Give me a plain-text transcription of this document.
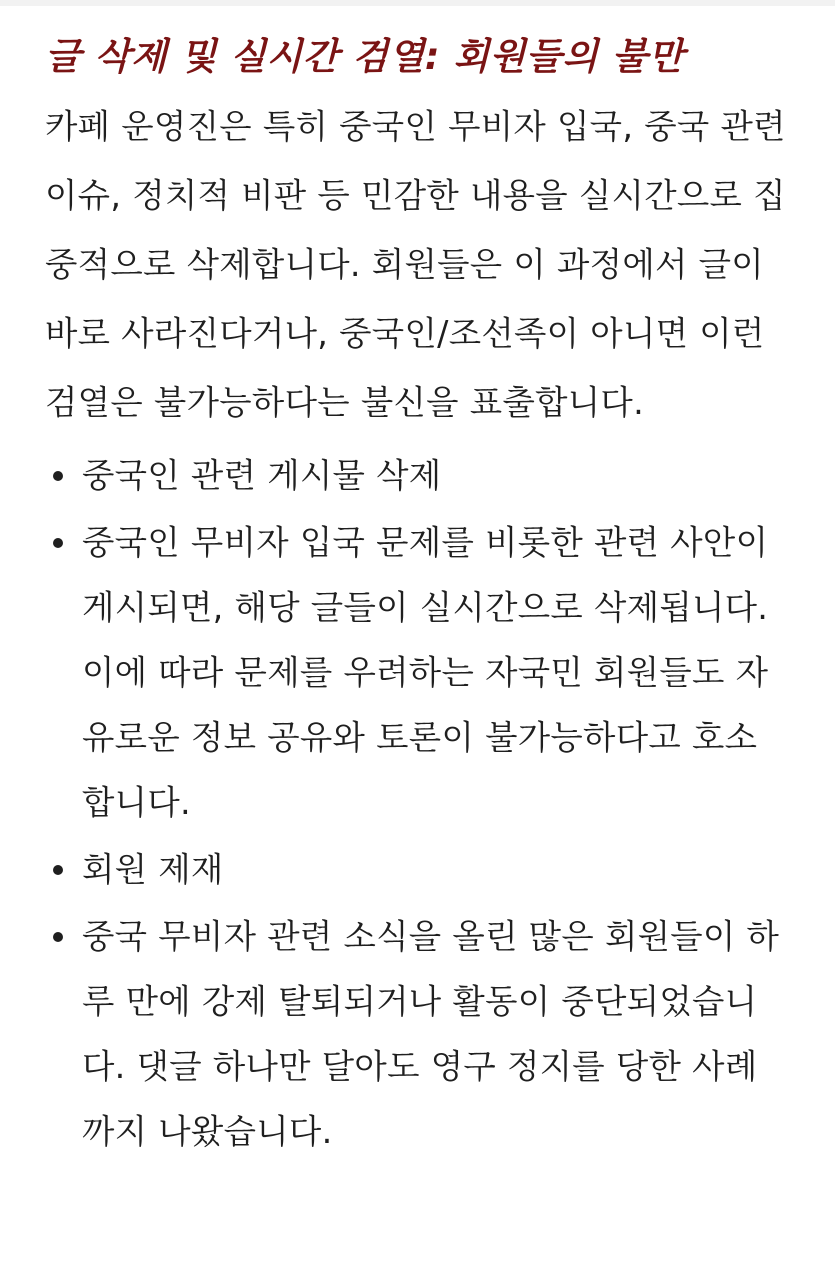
글 삭제 및 실시간 검열: 회원들의 불만

카페 운영진은 특히 중국인 무비자 입국, 중국 관련 이슈, 정치적 비판 등 민감한 내용을 실시간으로 집중적으로 삭제합니다. 회원들은 이 과정에서 글이 바로 사라진다거나, 중국인/조선족이 아니면 이런 검열은 불가능하다는 불신을 표출합니다.

중국인 관련 게시물 삭제
중국인 무비자 입국 문제를 비롯한 관련 사안이 게시되면, 해당 글들이 실시간으로 삭제됩니다. 이에 따라 문제를 우려하는 자국민 회원들도 자유로운 정보 공유와 토론이 불가능하다고 호소합니다.
회원 제재
중국 무비자 관련 소식을 올린 많은 회원들이 하루 만에 강제 탈퇴되거나 활동이 중단되었습니다. 댓글 하나만 달아도 영구 정지를 당한 사례까지 나왔습니다.
